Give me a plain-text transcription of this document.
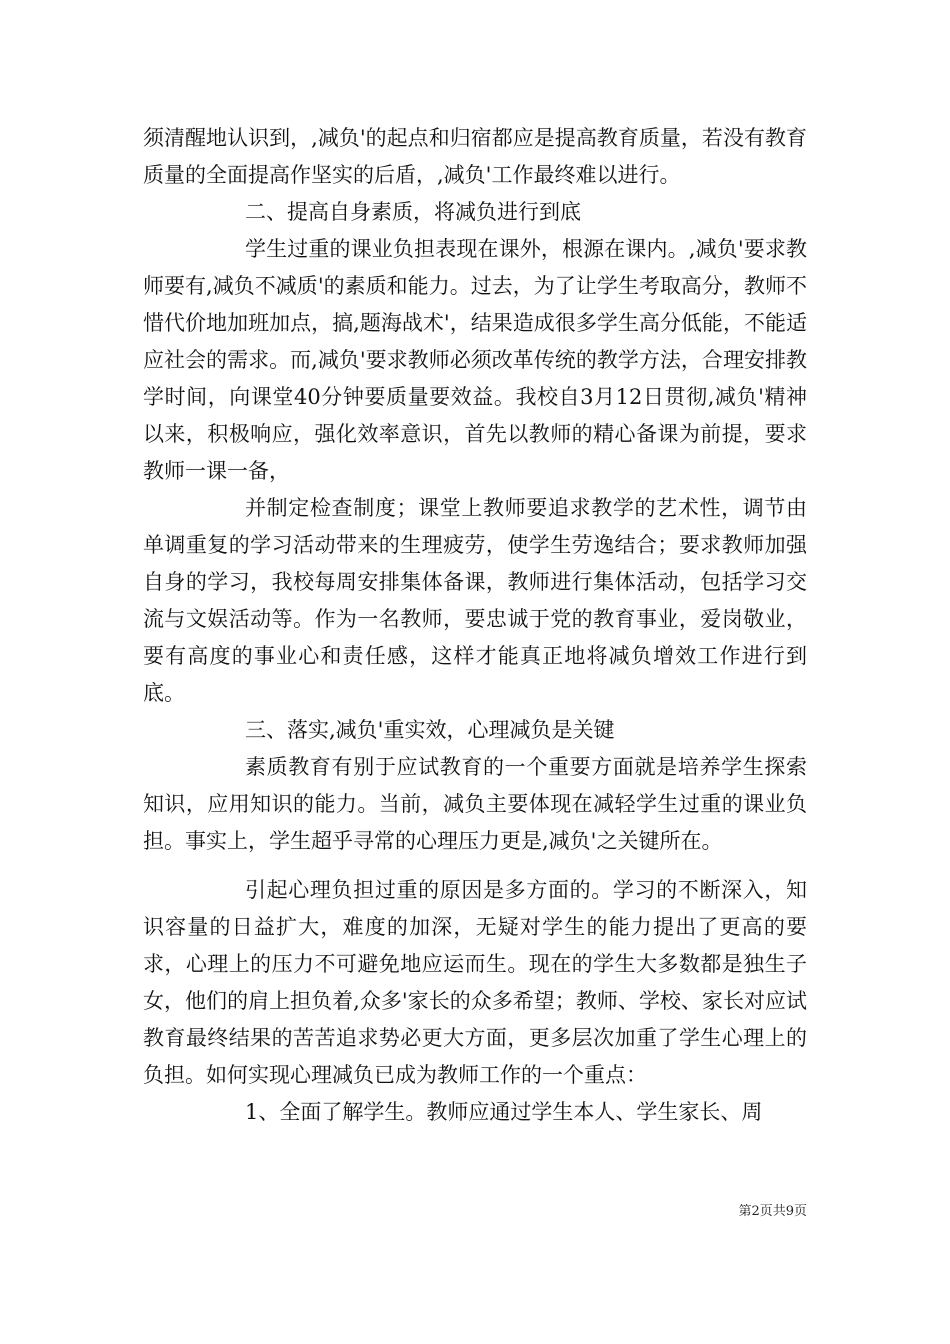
须清醒地认识到，,减负'的起点和归宿都应是提高教育质量，若没有教育质量的全面提高作坚实的后盾，,减负'工作最终难以进行。

二、提高自身素质，将减负进行到底

学生过重的课业负担表现在课外，根源在课内。,减负'要求教师要有,减负不减质'的素质和能力。过去，为了让学生考取高分，教师不惜代价地加班加点，搞,题海战术'，结果造成很多学生高分低能，不能适应社会的需求。而,减负'要求教师必须改革传统的教学方法，合理安排教学时间，向课堂40分钟要质量要效益。我校自3月12日贯彻,减负'精神以来，积极响应，强化效率意识，首先以教师的精心备课为前提，要求教师一课一备，

并制定检查制度；课堂上教师要追求教学的艺术性，调节由单调重复的学习活动带来的生理疲劳，使学生劳逸结合；要求教师加强自身的学习，我校每周安排集体备课，教师进行集体活动，包括学习交流与文娱活动等。作为一名教师，要忠诚于党的教育事业，爱岗敬业，要有高度的事业心和责任感，这样才能真正地将减负增效工作进行到底。

三、落实,减负'重实效，心理减负是关键

素质教育有别于应试教育的一个重要方面就是培养学生探索知识，应用知识的能力。当前，减负主要体现在减轻学生过重的课业负担。事实上，学生超乎寻常的心理压力更是,减负'之关键所在。

引起心理负担过重的原因是多方面的。学习的不断深入，知识容量的日益扩大，难度的加深，无疑对学生的能力提出了更高的要求，心理上的压力不可避免地应运而生。现在的学生大多数都是独生子女，他们的肩上担负着,众多'家长的众多希望；教师、学校、家长对应试教育最终结果的苦苦追求势必更大方面，更多层次加重了学生心理上的负担。如何实现心理减负已成为教师工作的一个重点：

1、全面了解学生。教师应通过学生本人、学生家长、周

第2页共9页
